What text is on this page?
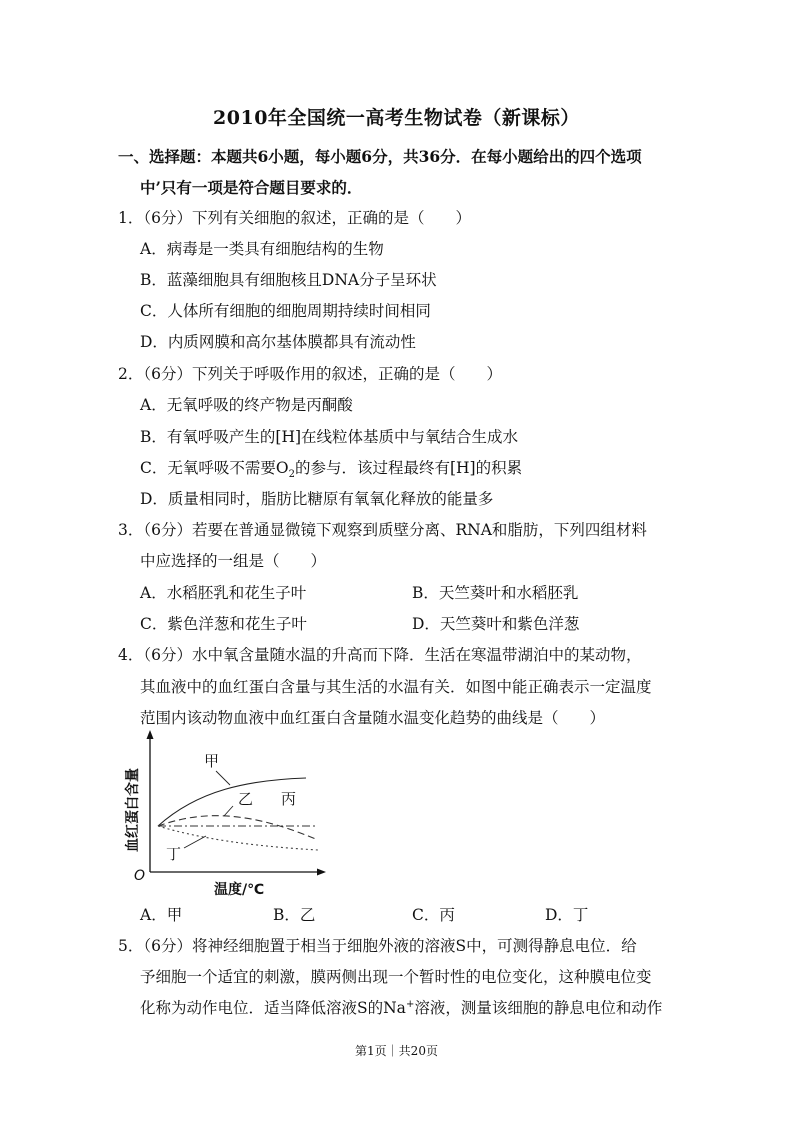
2010年全国统一高考生物试卷（新课标）
一、选择题：本题共6小题，每小题6分，共36分．在每小题给出的四个选项
中’只有一项是符合题目要求的．
1．（6分）下列有关细胞的叙述，正确的是（　　）
A．病毒是一类具有细胞结构的生物
B．蓝藻细胞具有细胞核且DNA分子呈环状
C．人体所有细胞的细胞周期持续时间相同
D．内质网膜和高尔基体膜都具有流动性
2．（6分）下列关于呼吸作用的叙述，正确的是（　　）
A．无氧呼吸的终产物是丙酮酸
B．有氧呼吸产生的[H]在线粒体基质中与氧结合生成水
C．无氧呼吸不需要$O_2$的参与．该过程最终有[H]的积累
D．质量相同时，脂肪比糖原有氧氧化释放的能量多
3．（6分）若要在普通显微镜下观察到质壁分离、RNA和脂肪，下列四组材料
中应选择的一组是（　　）
A．水稻胚乳和花生子叶	B．天竺葵叶和水稻胚乳
C．紫色洋葱和花生子叶	D．天竺葵叶和紫色洋葱
4．（6分）水中氧含量随水温的升高而下降．生活在寒温带湖泊中的某动物，
其血液中的血红蛋白含量与其生活的水温有关．如图中能正确表示一定温度
范围内该动物血液中血红蛋白含量随水温变化趋势的曲线是（　　）
甲
乙 丙
丁
血红蛋白含量
O
温度/℃
A．甲	B．乙	C．丙	D．丁
5．（6分）将神经细胞置于相当于细胞外液的溶液S中，可测得静息电位．给
予细胞一个适宜的刺激，膜两侧出现一个暂时性的电位变化，这种膜电位变
化称为动作电位．适当降低溶液S的Na+溶液，测量该细胞的静息电位和动作
第1页｜共20页
